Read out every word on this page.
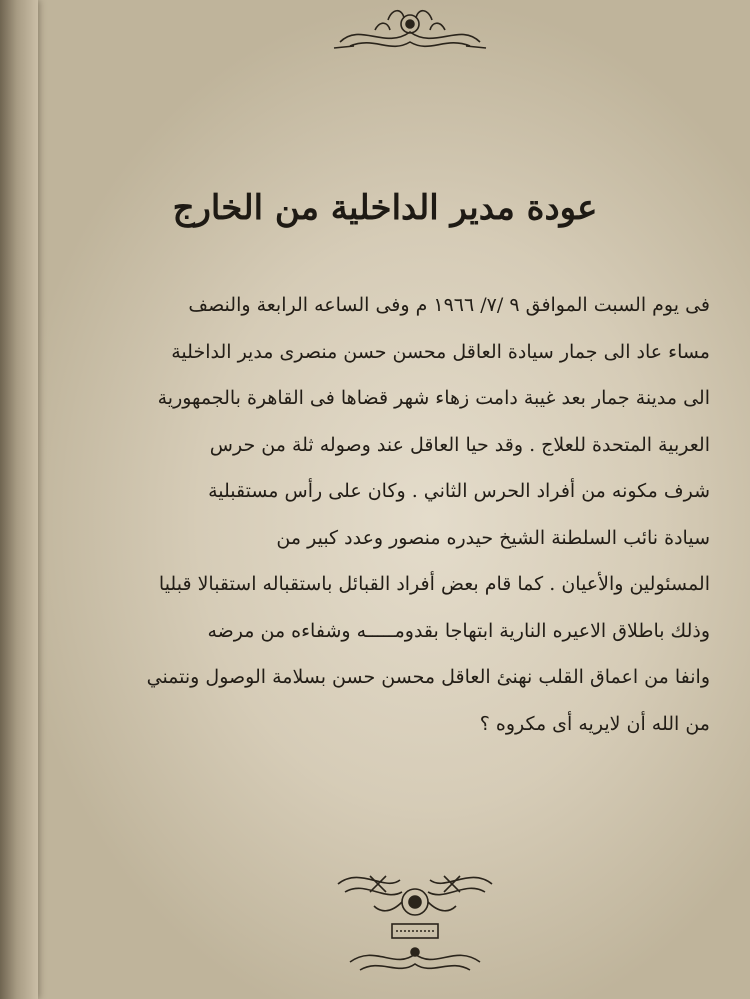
عودة مدير الداخلية من الخارج
فى يوم السبت الموافق ٩ /٧/ ١٩٦٦ م وفى الساعه الرابعة والنصف
مساء عاد الى جمار سيادة العاقل محسن حسن منصرى مدير الداخلية
الى مدينة جمار بعد غيبة دامت زهاء شهر قضاها فى القاهرة بالجمهورية
العربية المتحدة للعلاج . وقد حيا العاقل عند وصوله ثلة من حرس
شرف مكونه من أفراد الحرس الثاني . وكان على رأس مستقبلية
سيادة نائب السلطنة الشيخ حيدره منصور وعدد كبير من
المسئولين والأعيان . كما قام بعض أفراد القبائل باستقباله استقبالا قبليا
وذلك باطلاق الاعيره النارية ابتهاجا بقدومـــــه وشفاءه من مرضه
وانفا من اعماق القلب نهنئ العاقل محسن حسن بسلامة الوصول ونتمني
من الله أن لايريه أى مكروه ؟
